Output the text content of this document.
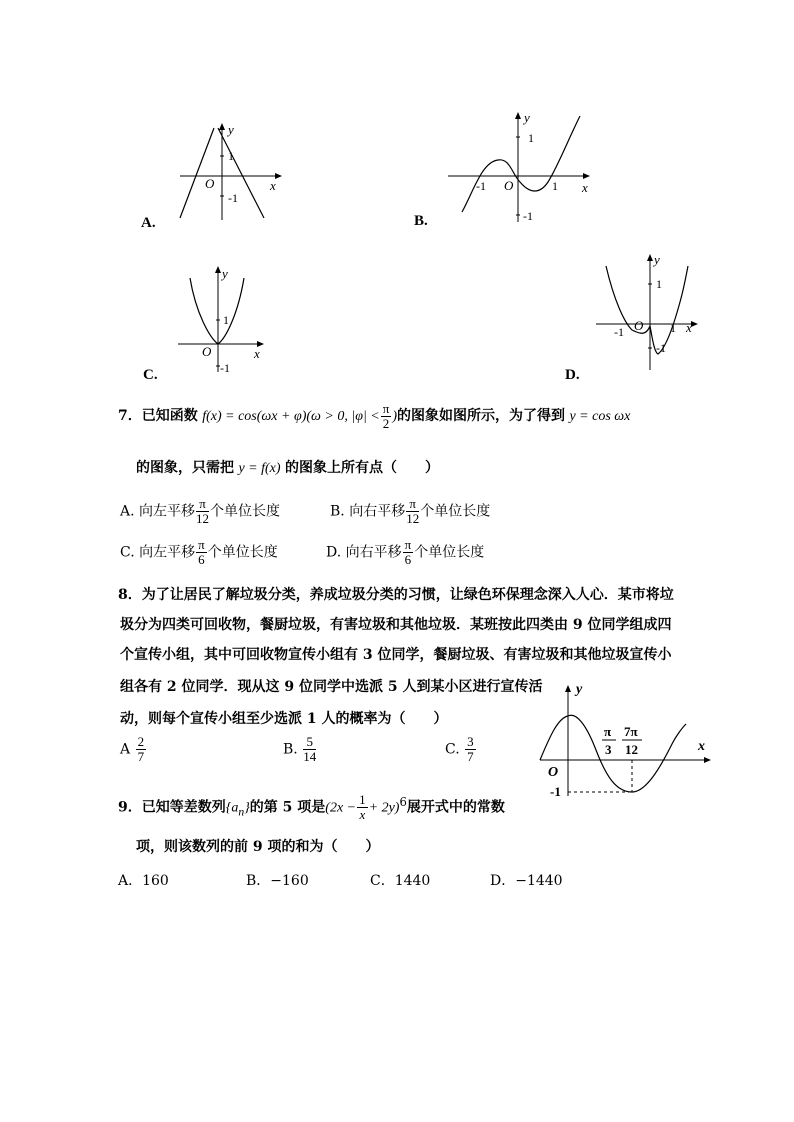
y
x
O
1
-1
A.
y
x
O
1
-1
-1	1
B.
y
x
O
1
-1
C.
y
x
O
1
-1	1
-1
D.
7．已知函数 f(x) = cos(ωx + φ)(ω > 0, $|\varphi| < \frac{\pi}{2}$ )的图象如图所示，为了得到 y = cos ωx
的图象，只需把 y = f(x) 的图象上所有点（　　）
A. 向左平移 $\frac{\pi}{12}$ 个单位长度	B. 向右平移 $\frac{\pi}{12}$ 个单位长度
C. 向左平移 $\frac{\pi}{6}$ 个单位长度	D. 向右平移 $\frac{\pi}{6}$ 个单位长度
8．为了让居民了解垃圾分类，养成垃圾分类的习惯，让绿色环保理念深入人心．某市将垃
圾分为四类可回收物，餐厨垃圾，有害垃圾和其他垃圾．某班按此四类由 9 位同学组成四
个宣传小组，其中可回收物宣传小组有 3 位同学，餐厨垃圾、有害垃圾和其他垃圾宣传小
组各有 2 位同学．现从这 9 位同学中选派 5 人到某小区进行宣传活
动，则每个宣传小组至少选派 1 人的概率为（　　）
A $\frac{2}{7}$	B. $\frac{5}{14}$	C. $\frac{3}{7}$
y
x
O
-1
π
3
7π
12
9．已知等差数列$\{a_n\}$的第 5 项是$(2x - \frac{1}{x} + 2y)^6$展开式中的常数
项，则该数列的前 9 项的和为（　　）
A．160	B．−160	C．1440	D．−1440
